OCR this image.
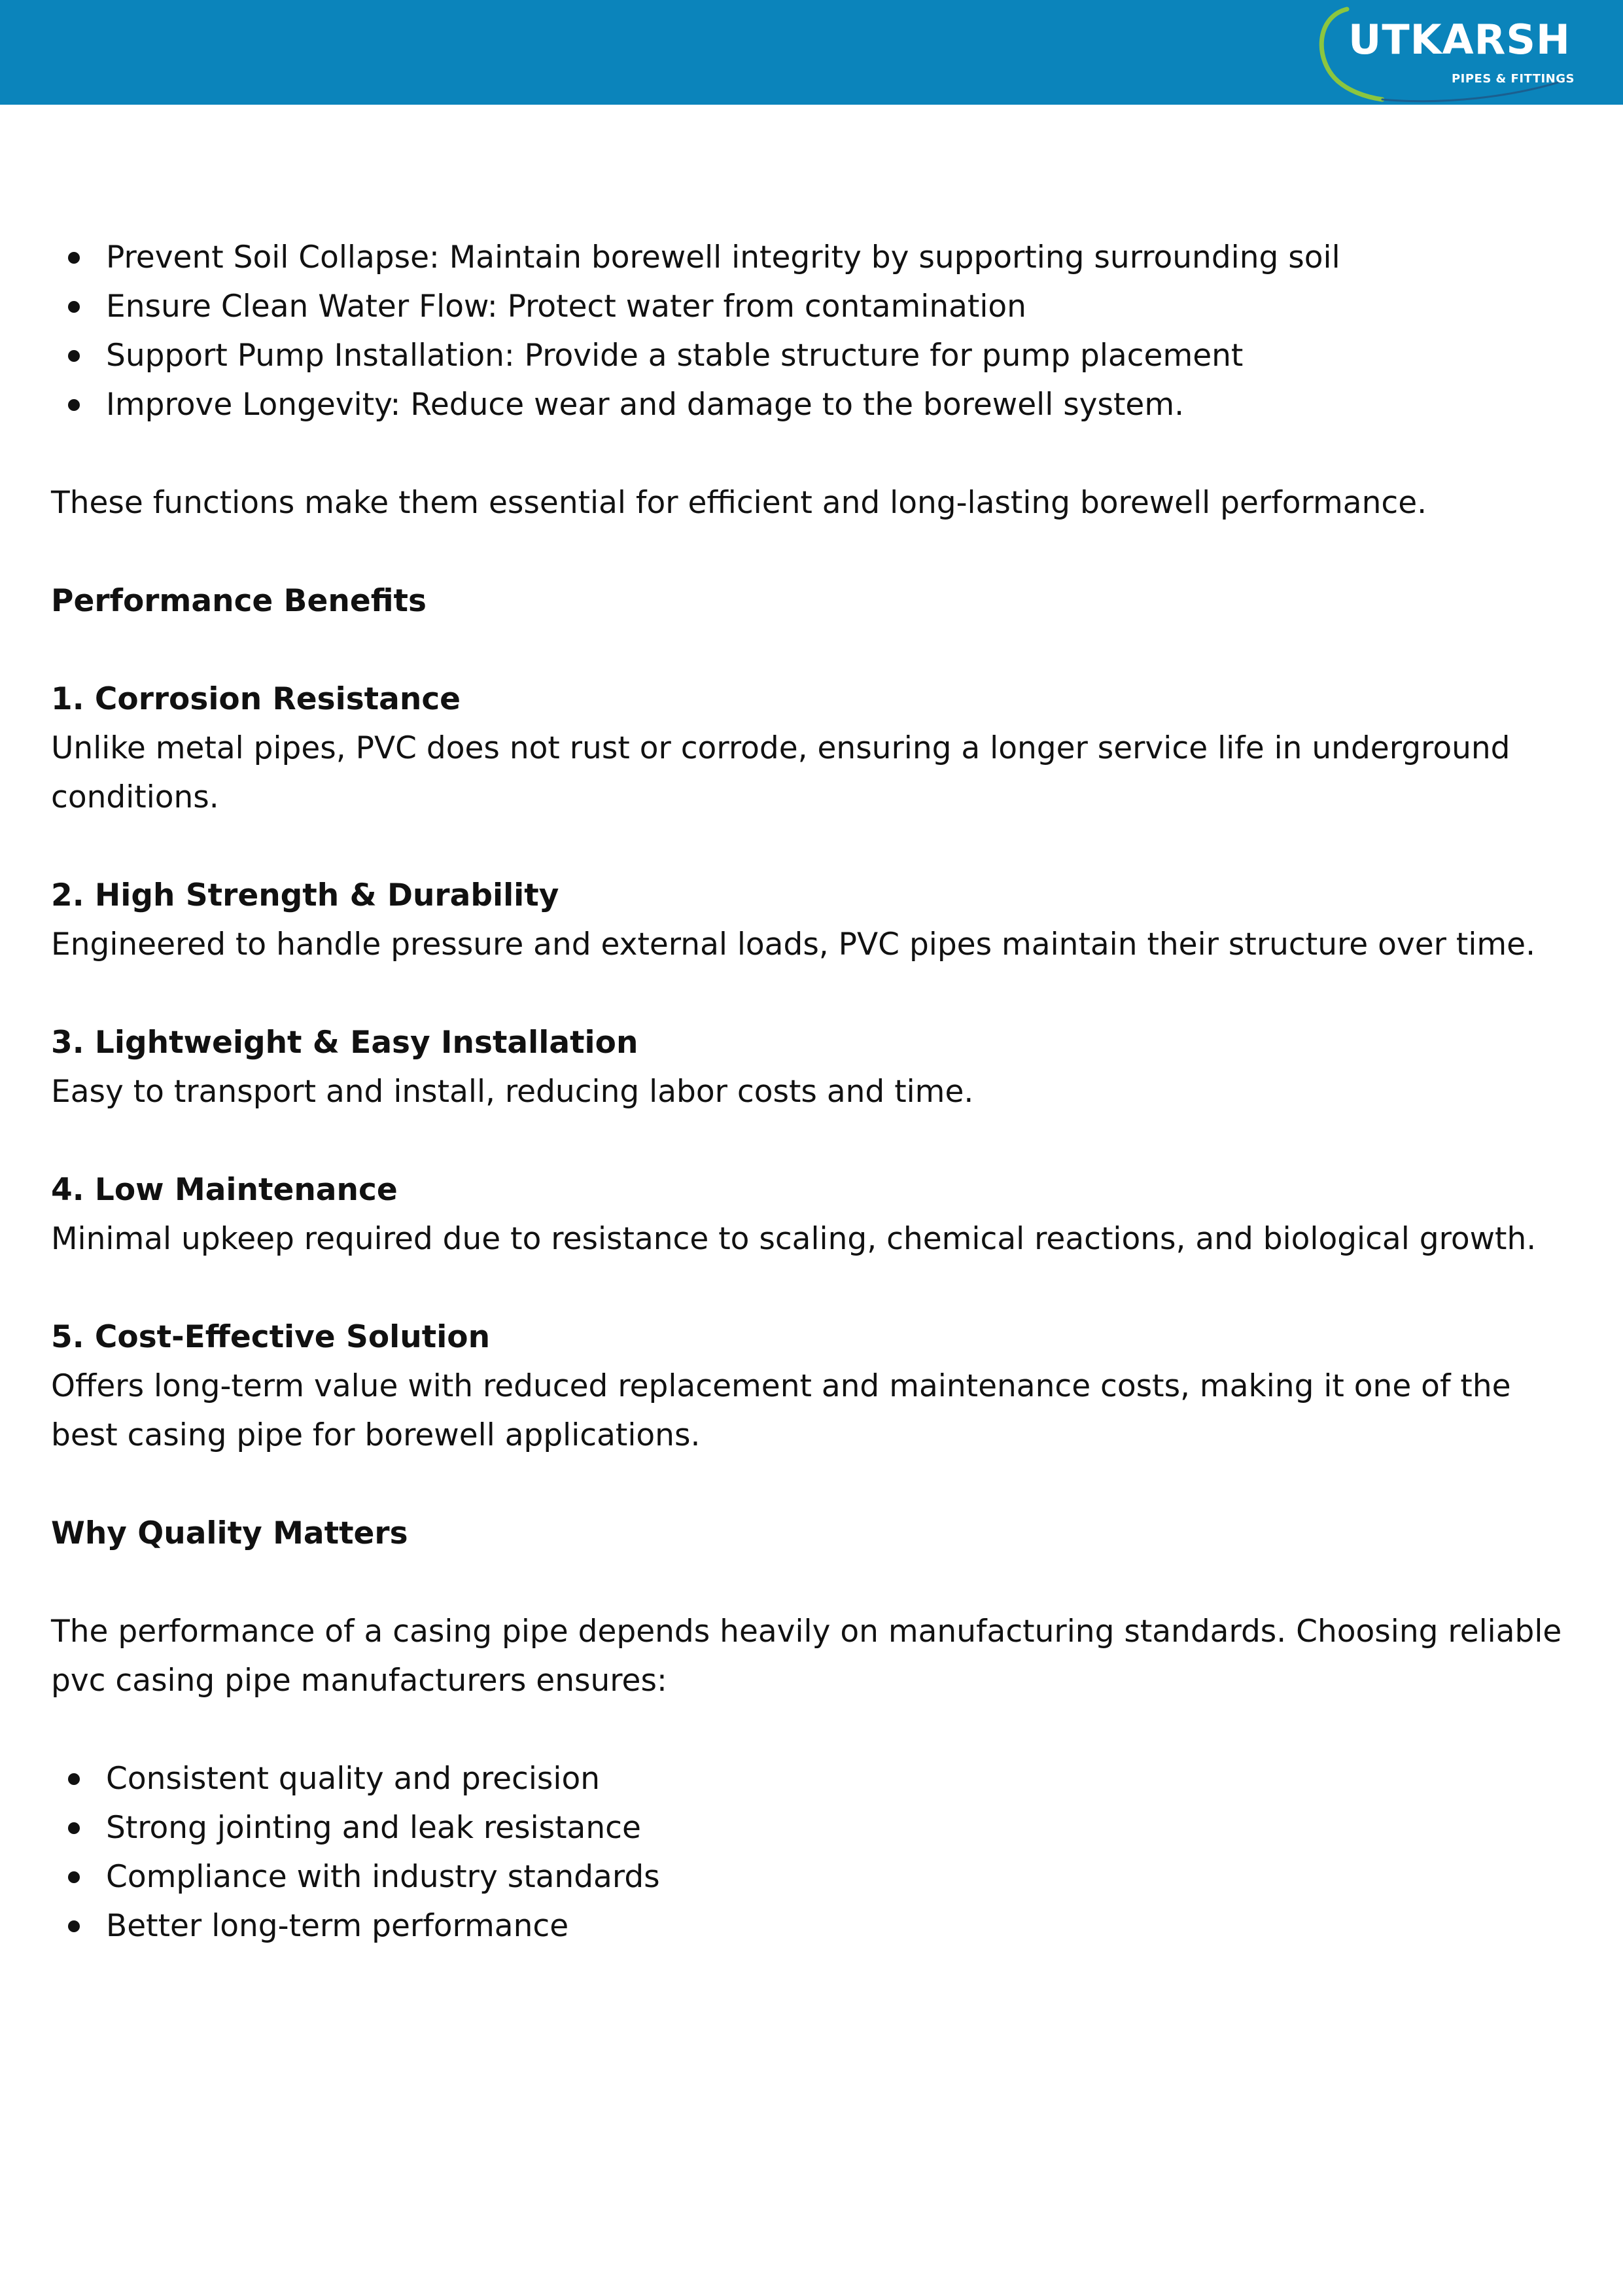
UTKARSH
PIPES & FITTINGS
Prevent Soil Collapse: Maintain borewell integrity by supporting surrounding soil
Ensure Clean Water Flow: Protect water from contamination
Support Pump Installation: Provide a stable structure for pump placement
Improve Longevity: Reduce wear and damage to the borewell system.

These functions make them essential for efficient and long-lasting borewell performance.

Performance Benefits

1. Corrosion Resistance

Unlike metal pipes, PVC does not rust or corrode, ensuring a longer service life in underground conditions.

2. High Strength & Durability

Engineered to handle pressure and external loads, PVC pipes maintain their structure over time.

3. Lightweight & Easy Installation

Easy to transport and install, reducing labor costs and time.

4. Low Maintenance

Minimal upkeep required due to resistance to scaling, chemical reactions, and biological growth.

5. Cost-Effective Solution

Offers long-term value with reduced replacement and maintenance costs, making it one of the best casing pipe for borewell applications.

Why Quality Matters

The performance of a casing pipe depends heavily on manufacturing standards. Choosing reliable pvc casing pipe manufacturers ensures:

Consistent quality and precision
Strong jointing and leak resistance
Compliance with industry standards
Better long-term performance
